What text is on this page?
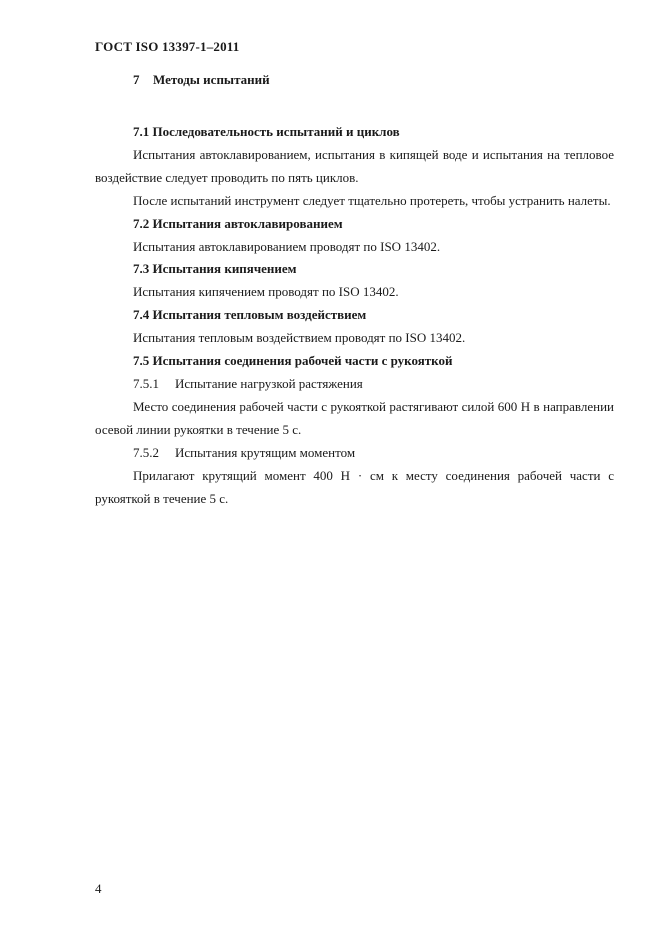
ГОСТ ISO 13397-1–2011
7 Методы испытаний

7.1 Последовательность испытаний и циклов

Испытания автоклавированием, испытания в кипящей воде и испытания на тепловое воздействие следует проводить по пять циклов.

После испытаний инструмент следует тщательно протереть, чтобы устранить налеты.

7.2 Испытания автоклавированием

Испытания автоклавированием проводят по ISO 13402.

7.3 Испытания кипячением

Испытания кипячением проводят по ISO 13402.

7.4 Испытания тепловым воздействием

Испытания тепловым воздействием проводят по ISO 13402.

7.5 Испытания соединения рабочей части с рукояткой

7.5.1 Испытание нагрузкой растяжения

Место соединения рабочей части с рукояткой растягивают силой 600 Н в направлении осевой линии рукоятки в течение 5 с.

7.5.2 Испытания крутящим моментом

Прилагают крутящий момент 400 Н · см к месту соединения рабочей части с рукояткой в течение 5 с.

4
